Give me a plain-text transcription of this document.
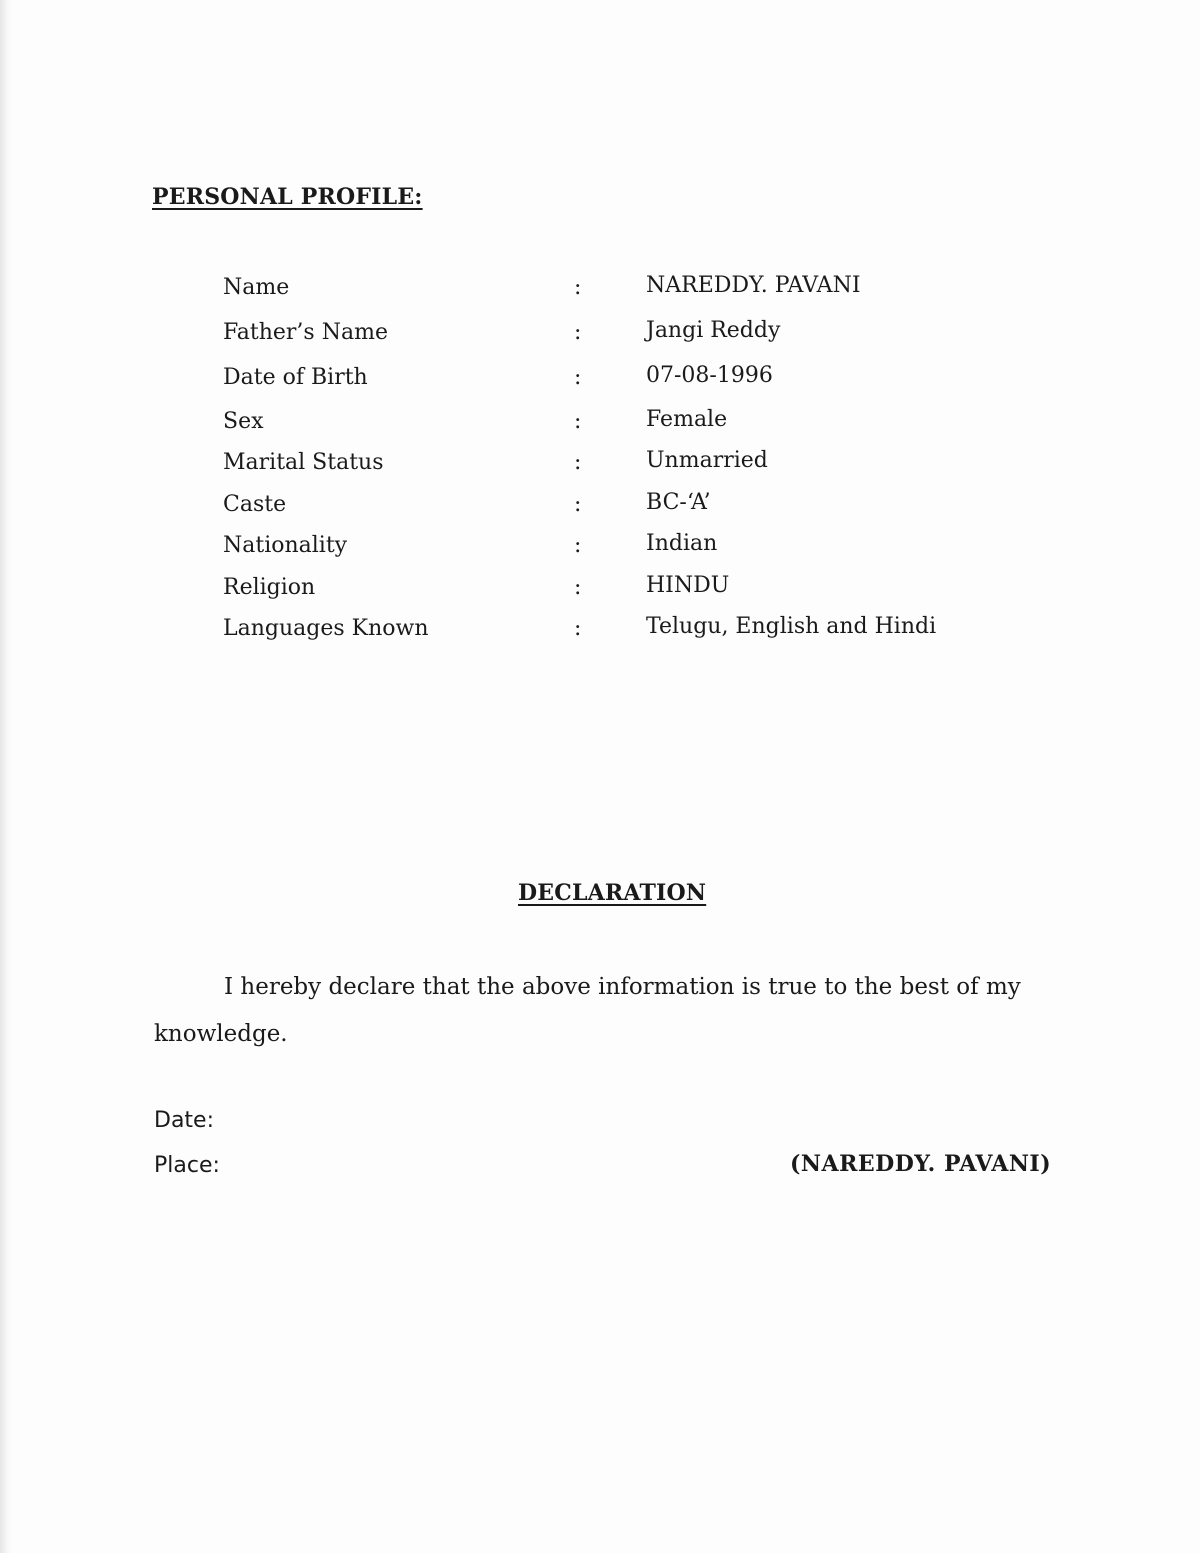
PERSONAL PROFILE:
Name	:	NAREDDY. PAVANI
Father’s Name	:	Jangi Reddy
Date of Birth	:	07-08-1996
Sex	:	Female
Marital Status	:	Unmarried
Caste	:	BC-‘A’
Nationality	:	Indian
Religion	:	HINDU
Languages Known	:	Telugu, English and Hindi
DECLARATION

I hereby declare that the above information is true to the best of my knowledge.

Date:
Place:	(NAREDDY. PAVANI)
